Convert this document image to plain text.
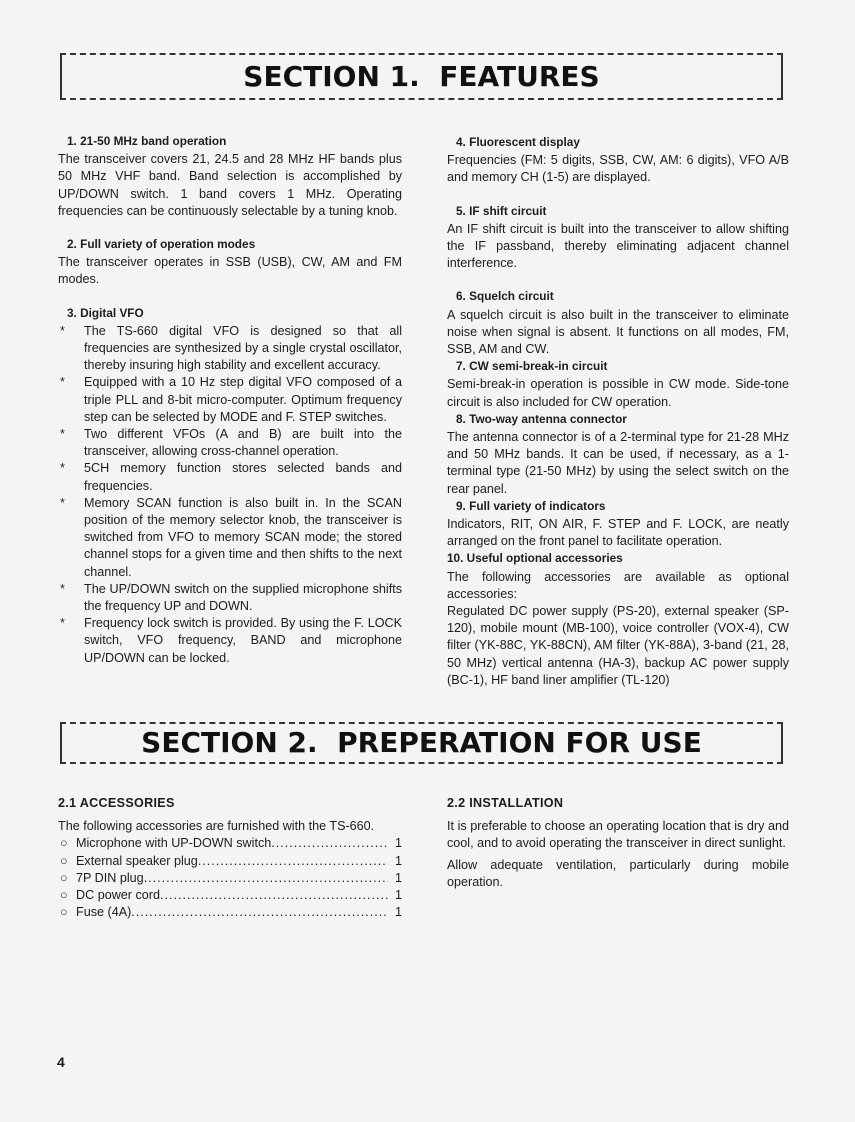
SECTION 1.  FEATURES
1. 21-50 MHz band operation

The transceiver covers 21, 24.5 and 28 MHz HF bands plus 50 MHz VHF band. Band selection is accomplished by UP/DOWN switch. 1 band covers 1 MHz. Operating frequencies can be continuously selectable by a tuning knob.

2. Full variety of operation modes

The transceiver operates in SSB (USB), CW, AM and FM modes.

3. Digital VFO
*	The TS-660 digital VFO is designed so that all frequencies are synthesized by a single crystal oscillator, thereby insuring high stability and excellent accuracy.
*	Equipped with a 10 Hz step digital VFO composed of a triple PLL and 8-bit micro-computer. Optimum frequency step can be selected by MODE and F. STEP switches.
*	Two different VFOs (A and B) are built into the transceiver, allowing cross-channel operation.
*	5CH memory function stores selected bands and frequencies.
*	Memory SCAN function is also built in. In the SCAN position of the memory selector knob, the transceiver is switched from VFO to memory SCAN mode; the stored channel stops for a given time and then shifts to the next channel.
*	The UP/DOWN switch on the supplied microphone shifts the frequency UP and DOWN.
*	Frequency lock switch is provided. By using the F. LOCK switch, VFO frequency, BAND and microphone UP/DOWN can be locked.
4. Fluorescent display

Frequencies (FM: 5 digits, SSB, CW, AM: 6 digits), VFO A/B and memory CH (1-5) are displayed.

5. IF shift circuit

An IF shift circuit is built into the transceiver to allow shifting the IF passband, thereby eliminating adjacent channel interference.

6. Squelch circuit

A squelch circuit is also built in the transceiver to eliminate noise when signal is absent. It functions on all modes, FM, SSB, AM and CW.

7. CW semi-break-in circuit

Semi-break-in operation is possible in CW mode. Side-tone circuit is also included for CW operation.

8. Two-way antenna connector

The antenna connector is of a 2-terminal type for 21-28 MHz and 50 MHz bands. It can be used, if necessary, as a 1-terminal type (21-50 MHz) by using the select switch on the rear panel.

9. Full variety of indicators

Indicators, RIT, ON AIR, F. STEP and F. LOCK, are neatly arranged on the front panel to facilitate operation.

10. Useful optional accessories

The following accessories are available as optional accessories:

Regulated DC power supply (PS-20), external speaker (SP-120), mobile mount (MB-100), voice controller (VOX-4), CW filter (YK-88C, YK-88CN), AM filter (YK-88A), 3-band (21, 28, 50 MHz) vertical antenna (HA-3), backup AC power supply (BC-1), HF band liner amplifier (TL-120)

SECTION 2.  PREPERATION FOR USE
2.1 ACCESSORIES

The following accessories are furnished with the TS-660.

○ Microphone with UP-DOWN switch .....	1
○ External speaker plug .....	1
○ 7P DIN plug .....	1
○ DC power cord .....	1
○ Fuse (4A) .....	1
2.2 INSTALLATION

It is preferable to choose an operating location that is dry and cool, and to avoid operating the transceiver in direct sunlight.

Allow adequate ventilation, particularly during mobile operation.

4
